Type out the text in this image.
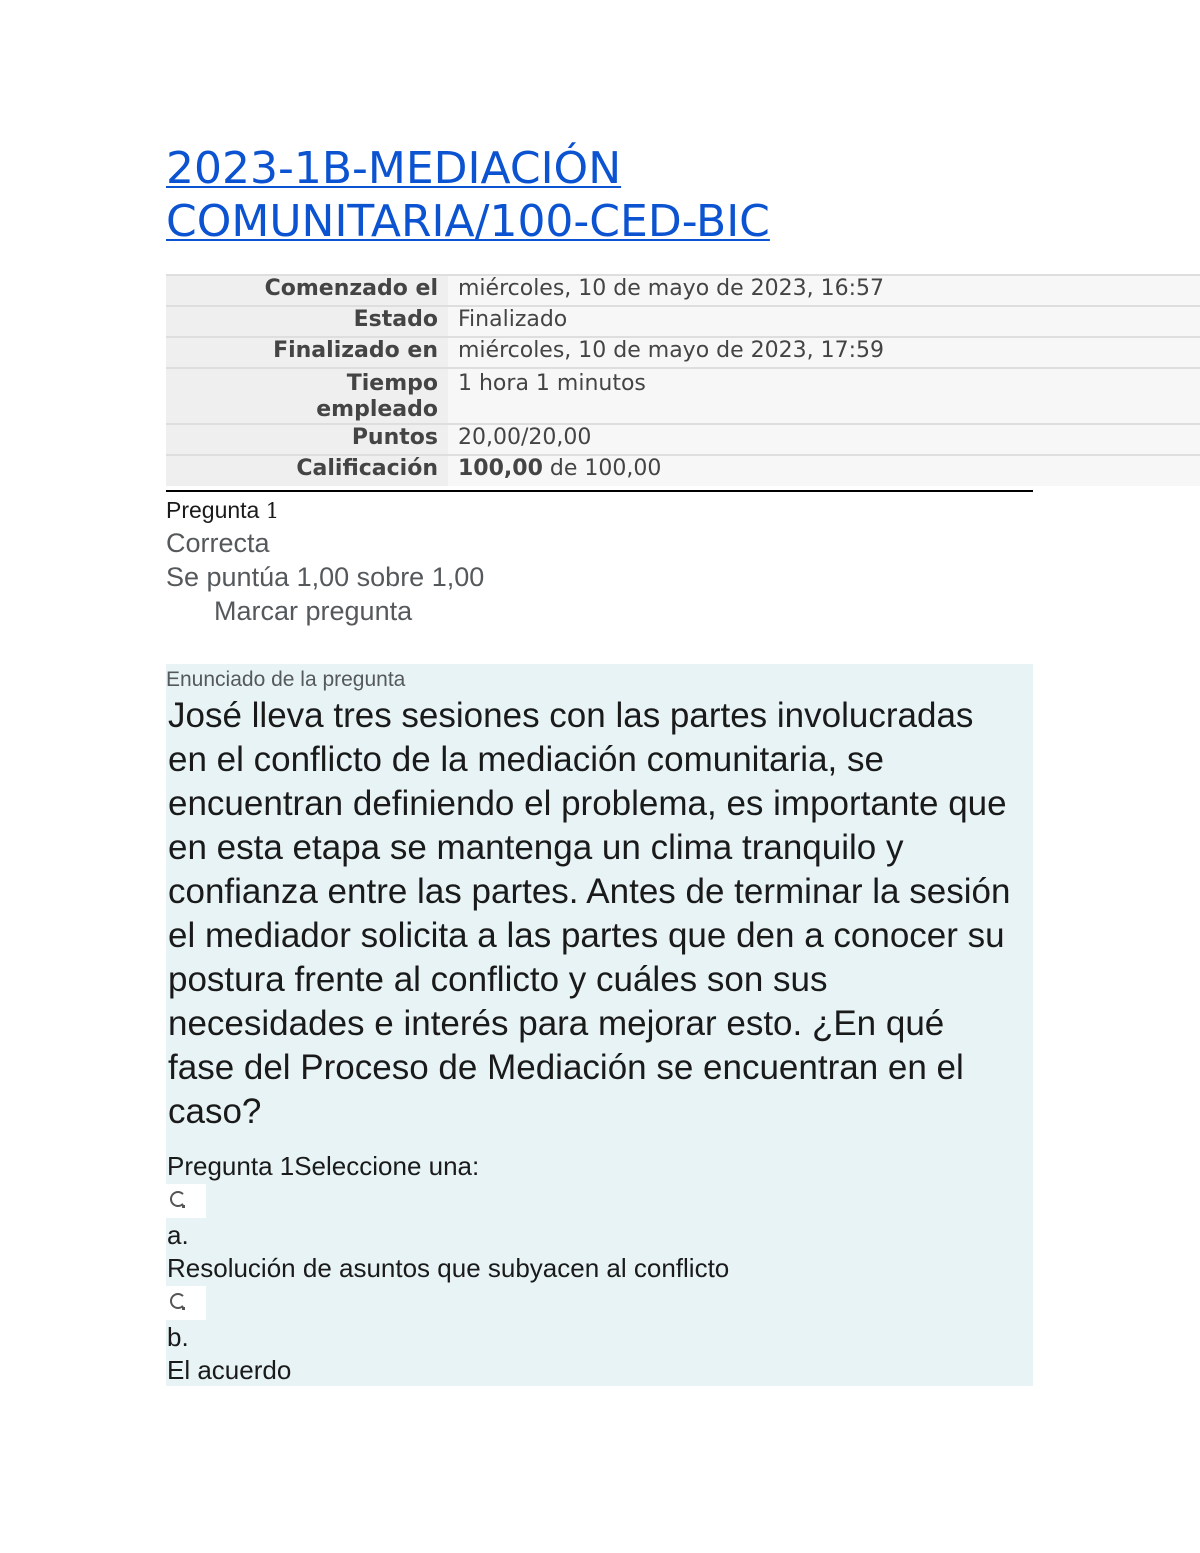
2023-1B-MEDIACIÓN COMUNITARIA/100-CED-BIC
Comenzado el	miércoles, 10 de mayo de 2023, 16:57
Estado	Finalizado
Finalizado en	miércoles, 10 de mayo de 2023, 17:59
Tiempo empleado	1 hora 1 minutos
Puntos	20,00/20,00
Calificación	100,00 de 100,00
Pregunta 1
Correcta
Se puntúa 1,00 sobre 1,00
Marcar pregunta
Enunciado de la pregunta
José lleva tres sesiones con las partes involucradas en el conflicto de la mediación comunitaria, se encuentran definiendo el problema, es importante que en esta etapa se mantenga un clima tranquilo y confianza entre las partes. Antes de terminar la sesión el mediador solicita a las partes que den a conocer su postura frente al conflicto y cuáles son sus necesidades e interés para mejorar esto. ¿En qué fase del Proceso de Mediación se encuentran en el caso?
Pregunta 1Seleccione una:
a.
Resolución de asuntos que subyacen al conflicto
b.
El acuerdo
